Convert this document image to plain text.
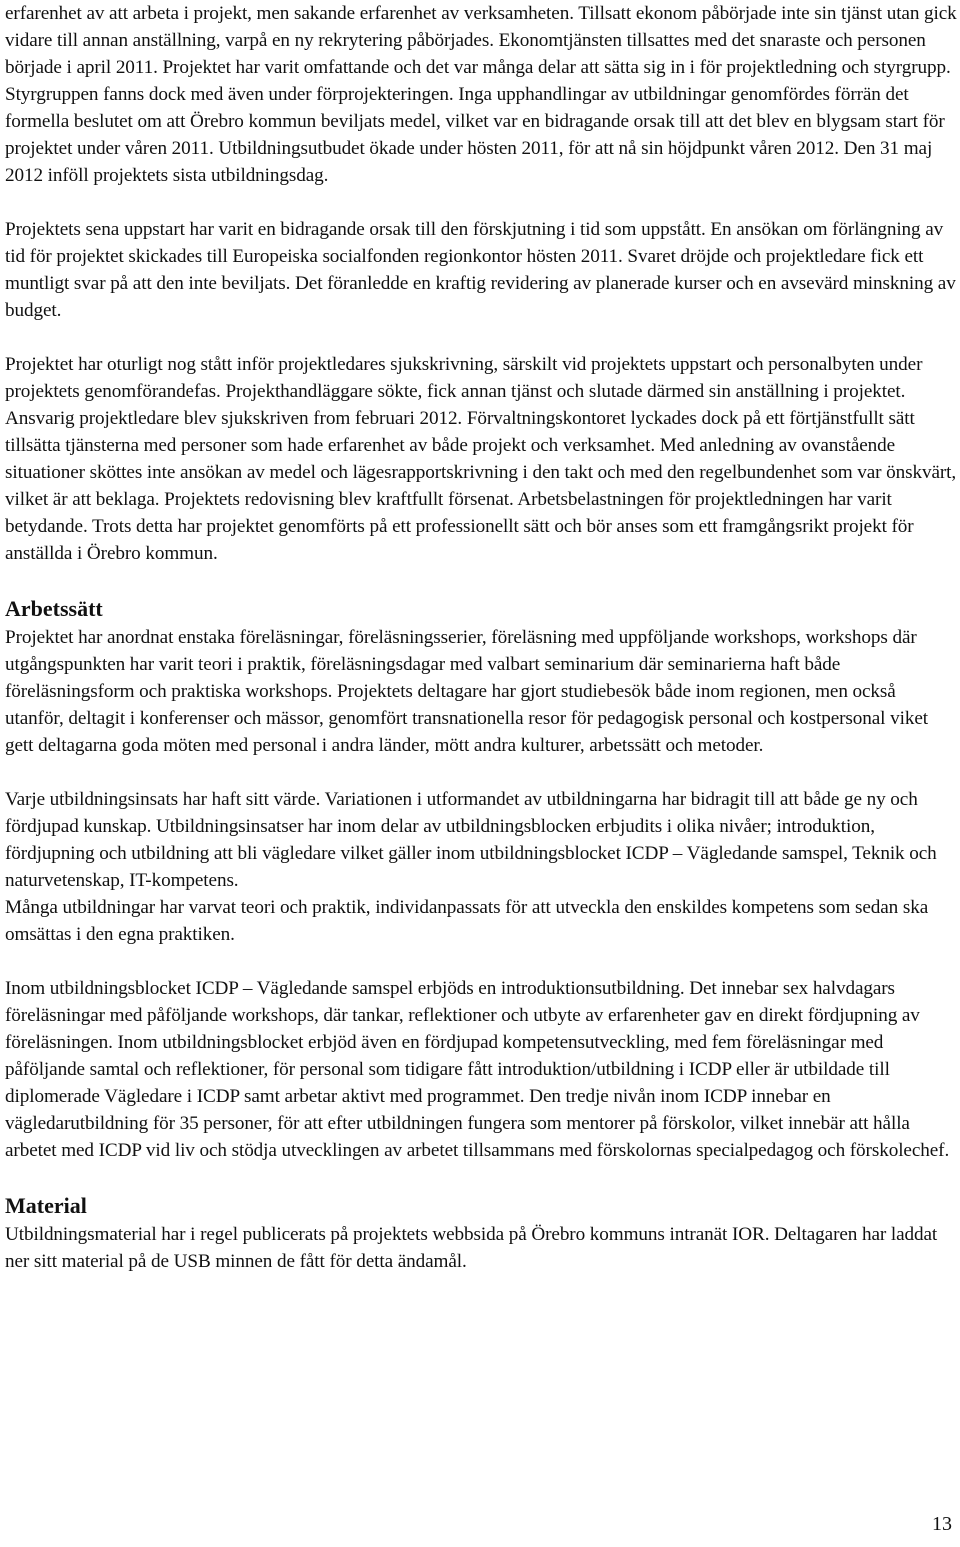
erfarenhet av att arbeta i projekt, men sakande erfarenhet av verksamheten. Tillsatt ekonom påbörjade inte sin tjänst utan gick vidare till annan anställning, varpå en ny rekrytering påbörjades. Ekonomtjänsten tillsattes med det snaraste och personen började i april 2011. Projektet har varit omfattande och det var många delar att sätta sig in i för projektledning och styrgrupp. Styrgruppen fanns dock med även under förprojekteringen. Inga upphandlingar av utbildningar genomfördes förrän det formella beslutet om att Örebro kommun beviljats medel, vilket var en bidragande orsak till att det blev en blygsam start för projektet under våren 2011. Utbildningsutbudet ökade under hösten 2011, för att nå sin höjdpunkt våren 2012. Den 31 maj 2012 inföll projektets sista utbildningsdag.

Projektets sena uppstart har varit en bidragande orsak till den förskjutning i tid som uppstått. En ansökan om förlängning av tid för projektet skickades till Europeiska socialfonden regionkontor hösten 2011. Svaret dröjde och projektledare fick ett muntligt svar på att den inte beviljats. Det föranledde en kraftig revidering av planerade kurser och en avsevärd minskning av budget.

Projektet har oturligt nog stått inför projektledares sjukskrivning, särskilt vid projektets uppstart och personalbyten under projektets genomförandefas. Projekthandläggare sökte, fick annan tjänst och slutade därmed sin anställning i projektet. Ansvarig projektledare blev sjukskriven from februari 2012. Förvaltningskontoret lyckades dock på ett förtjänstfullt sätt tillsätta tjänsterna med personer som hade erfarenhet av både projekt och verksamhet. Med anledning av ovanstående situationer sköttes inte ansökan av medel och lägesrapportskrivning i den takt och med den regelbundenhet som var önskvärt, vilket är att beklaga. Projektets redovisning blev kraftfullt försenat. Arbetsbelastningen för projektledningen har varit betydande. Trots detta har projektet genomförts på ett professionellt sätt och bör anses som ett framgångsrikt projekt för anställda i Örebro kommun.

Arbetssätt

Projektet har anordnat enstaka föreläsningar, föreläsningsserier, föreläsning med uppföljande workshops, workshops där utgångspunkten har varit teori i praktik, föreläsningsdagar med valbart seminarium där seminarierna haft både föreläsningsform och praktiska workshops. Projektets deltagare har gjort studiebesök både inom regionen, men också utanför, deltagit i konferenser och mässor, genomfört transnationella resor för pedagogisk personal och kostpersonal viket gett deltagarna goda möten med personal i andra länder, mött andra kulturer, arbetssätt och metoder.

Varje utbildningsinsats har haft sitt värde. Variationen i utformandet av utbildningarna har bidragit till att både ge ny och fördjupad kunskap. Utbildningsinsatser har inom delar av utbildningsblocken erbjudits i olika nivåer; introduktion, fördjupning och utbildning att bli vägledare vilket gäller inom utbildningsblocket ICDP – Vägledande samspel, Teknik och naturvetenskap, IT-kompetens.

Många utbildningar har varvat teori och praktik, individanpassats för att utveckla den enskildes kompetens som sedan ska omsättas i den egna praktiken.

Inom utbildningsblocket ICDP – Vägledande samspel erbjöds en introduktionsutbildning. Det innebar sex halvdagars föreläsningar med påföljande workshops, där tankar, reflektioner och utbyte av erfarenheter gav en direkt fördjupning av föreläsningen. Inom utbildningsblocket erbjöd även en fördjupad kompetensutveckling, med fem föreläsningar med påföljande samtal och reflektioner, för personal som tidigare fått introduktion/utbildning i ICDP eller är utbildade till diplomerade Vägledare i ICDP samt arbetar aktivt med programmet. Den tredje nivån inom ICDP innebar en vägledarutbildning för 35 personer, för att efter utbildningen fungera som mentorer på förskolor, vilket innebär att hålla arbetet med ICDP vid liv och stödja utvecklingen av arbetet tillsammans med förskolornas specialpedagog och förskolechef.

Material

Utbildningsmaterial har i regel publicerats på projektets webbsida på Örebro kommuns intranät IOR. Deltagaren har laddat ner sitt material på de USB minnen de fått för detta ändamål.

13
